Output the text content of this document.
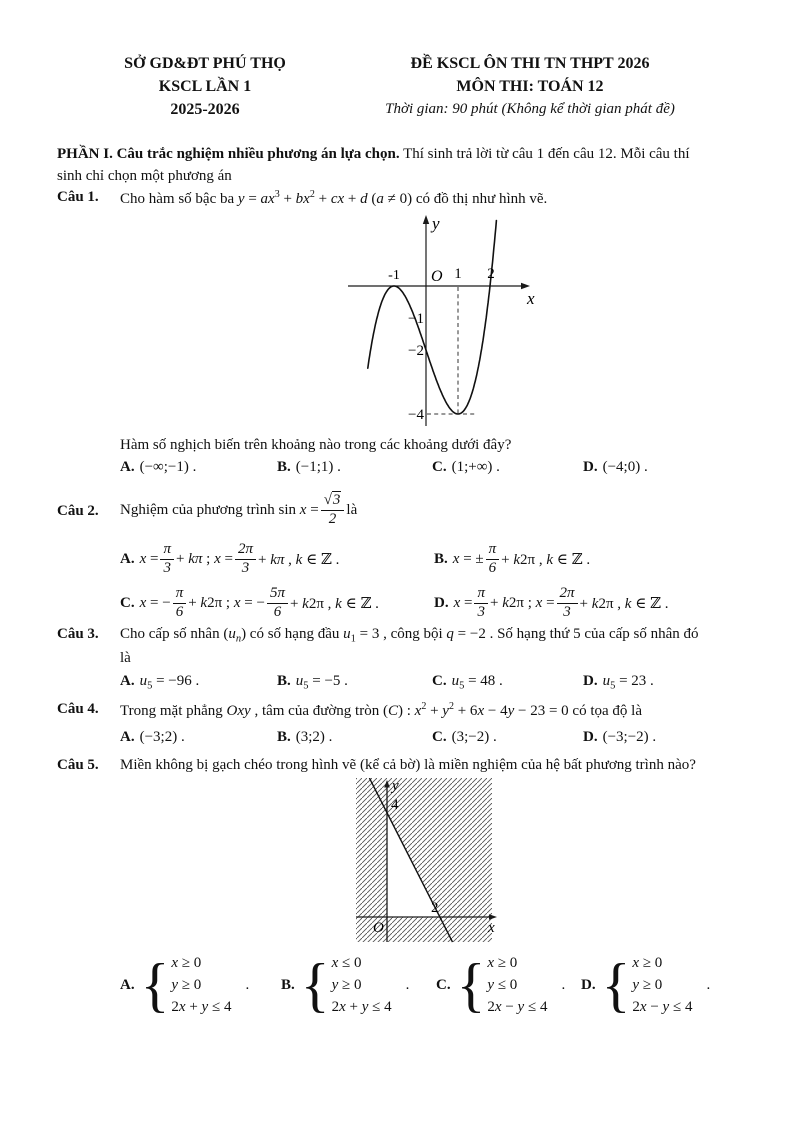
SỞ GD&ĐT PHÚ THỌ
KSCL LẦN 1
2025-2026
ĐỀ KSCL ÔN THI TN THPT 2026
MÔN THI: TOÁN 12
Thời gian: 90 phút (Không kể thời gian phát đề)
PHẦN I. Câu trắc nghiệm nhiều phương án lựa chọn. Thí sinh trả lời từ câu 1 đến câu 12. Mỗi câu thí
sinh chỉ chọn một phương án
Câu 1. Cho hàm số bậc ba $y = ax^3 + bx^2$ + cx + d (a ≠ 0) có đồ thị như hình vẽ.
y
x
O
-1	1 2
−1
−2
−4
Hàm số nghịch biến trên khoảng nào trong các khoảng dưới đây?
A. (−∞;−1) .	B. (−1;1) .	C. (1;+∞) .	D. (−4;0) .
Câu 2. Nghiệm của phương trình $\sin x = \frac{√3}{2}$ là
A. $x = \frac{\pi}{3} + k\pi$ ; $x = \frac{2\pi}{3} + k\pi$ , k ∈ ℤ .	B. x = ± $\frac{\pi}{6} + k2\pi$ , k ∈ ℤ .
C. x = − $\frac{\pi}{6} + k2\pi$ ; x = − $\frac{5\pi}{6} + k2\pi$ , k ∈ ℤ .	D. $x = \frac{\pi}{3} + k2\pi$ ; $x = \frac{2\pi}{3} + k2\pi$ , k ∈ ℤ .
Câu 3. Cho cấp số nhân $(u_n)$ có số hạng đầu $u_1 = 3$ , công bội q = −2 . Số hạng thứ 5 của cấp số nhân đó
là
A. $u_5 = -96$ .	B. $u_5 = -5$ .	C. $u_5 = 48$ .	D. $u_5 = 23$ .
Câu 4. Trong mặt phẳng Oxy , tâm của đường tròn (C) : $x^2 + y^2 + 6x - 4y - 23 = 0$ có tọa độ là
A. (−3;2) .	B. (3;2) .	C. (3;−2) .	D. (−3;−2) .
Câu 5. Miền không bị gạch chéo trong hình vẽ (kể cả bờ) là miền nghiệm của hệ bất phương trình nào?
y
4
x
O
2
A. { x ≥ 0
y ≥ 0
2x + y ≤ 4
. B. { x ≤ 0
y ≥ 0
2x + y ≤ 4
. C. { x ≥ 0
y ≤ 0
2x − y ≤ 4
. D. { x ≥ 0
y ≥ 0
2x − y ≤ 4
.
